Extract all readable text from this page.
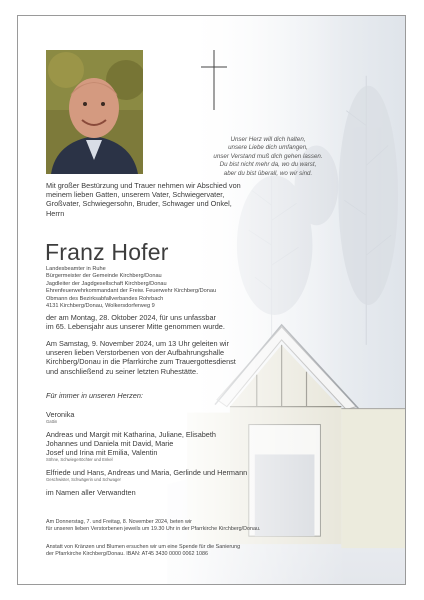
Unser Herz will dich halten,
unsere Liebe dich umfangen,
unser Verstand muß dich gehen lassen.
Du bist nicht mehr da, wo du warst,
aber du bist überall, wo wir sind.
Mit großer Bestürzung und Trauer nehmen wir Abschied von
meinem lieben Gatten, unserem Vater, Schwiegervater,
Großvater, Schwiegersohn, Bruder, Schwager und Onkel,
Herrn
Franz Hofer
Landesbeamter in Ruhe
Bürgermeister der Gemeinde Kirchberg/Donau
Jagdleiter der Jagdgesellschaft Kirchberg/Donau
Ehrenfeuerwehrkommandant der Freiw. Feuerwehr Kirchberg/Donau
Obmann des Bezirksabfallverbandes Rohrbach
4131 Kirchberg/Donau, Wolkersdorferweg 9
der am Montag, 28. Oktober 2024, für uns unfassbar
im 65. Lebensjahr aus unserer Mitte genommen wurde.
Am Samstag, 9. November 2024, um 13 Uhr geleiten wir
unseren lieben Verstorbenen von der Aufbahrungshalle
Kirchberg/Donau in die Pfarrkirche zum Trauergottesdienst
und anschließend zu seiner letzten Ruhestätte.
Für immer in unseren Herzen:
Veronika
Gattin
Andreas und Margit mit Katharina, Juliane, Elisabeth
Johannes und Daniela mit David, Marie
Josef und Irina mit Emilia, Valentin
Söhne, Schwiegertöchter und Enkel
Elfriede und Hans, Andreas und Maria, Gerlinde und Hermann
Geschwister, Schwägerin und Schwager
im Namen aller Verwandten
Am Donnerstag, 7. und Freitag, 8. November 2024, beten wir
für unseren lieben Verstorbenen jeweils um 19.30 Uhr in der Pfarrkirche Kirchberg/Donau.
Anstatt von Kränzen und Blumen ersuchen wir um eine Spende für die Sanierung
der Pfarrkirche Kirchberg/Donau. IBAN: AT45 3430 0000 0062 1086
